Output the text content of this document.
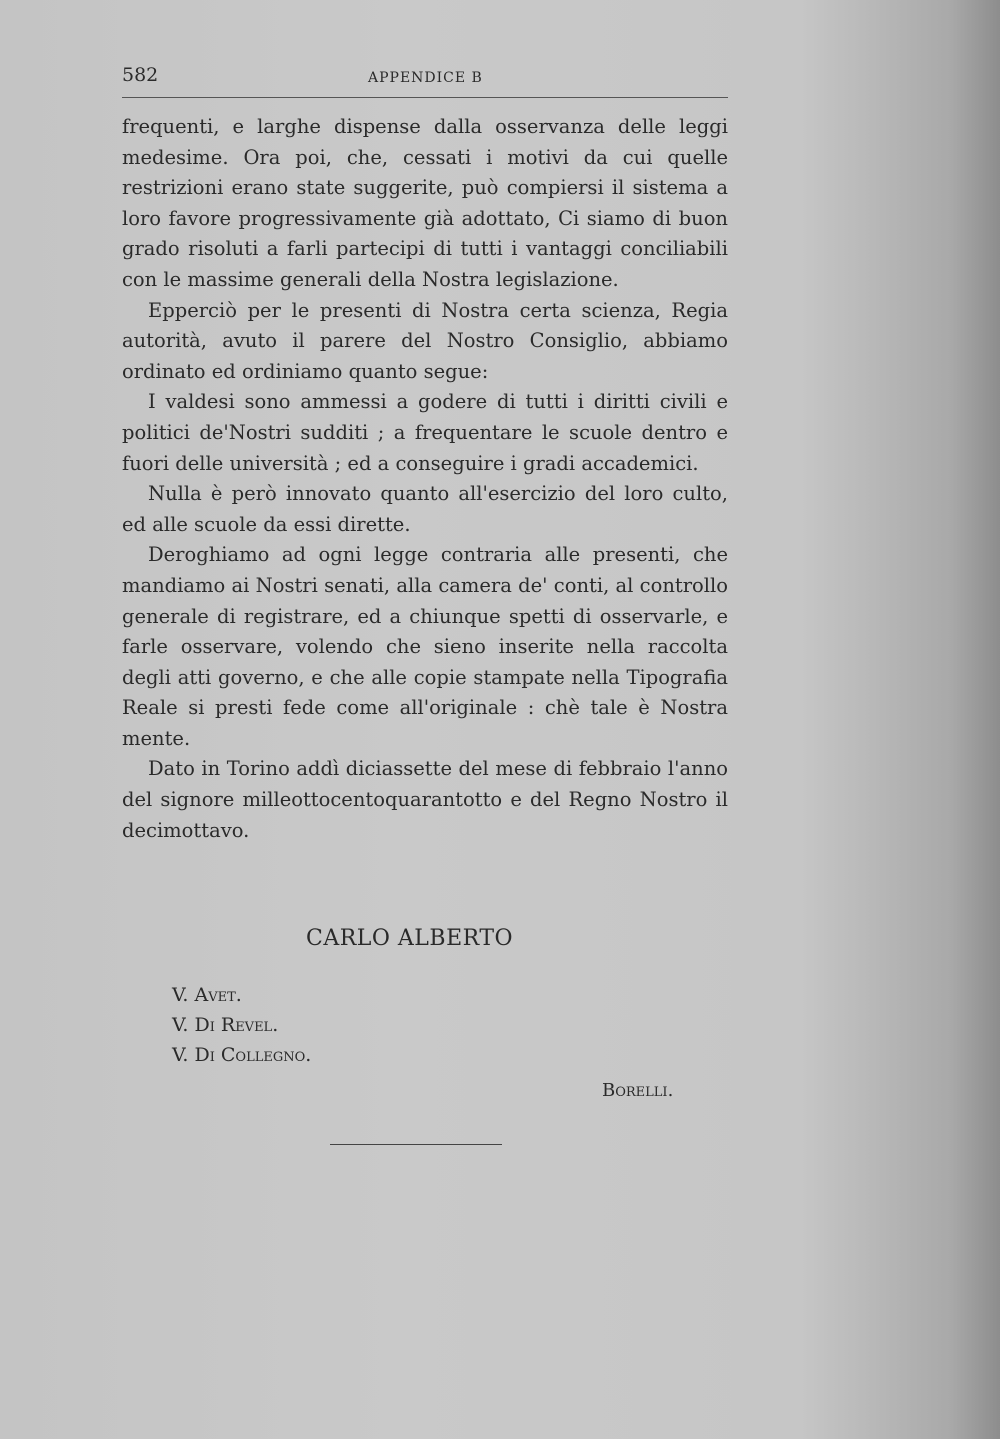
582	APPENDICE B

frequenti, e larghe dispense dalla osservanza delle leggi medesime. Ora poi, che, cessati i motivi da cui quelle restrizioni erano state suggerite, può compiersi il sistema a loro favore progressivamente già adottato, Ci siamo di buon grado risoluti a farli partecipi di tutti i vantaggi conciliabili con le massime generali della Nostra legislazione.

Epperciò per le presenti di Nostra certa scienza, Regia autorità, avuto il parere del Nostro Consiglio, abbiamo ordinato ed ordiniamo quanto segue:

I valdesi sono ammessi a godere di tutti i diritti civili e politici de'Nostri sudditi ; a frequentare le scuole dentro e fuori delle università ; ed a conseguire i gradi accademici.

Nulla è però innovato quanto all'esercizio del loro culto, ed alle scuole da essi dirette.

Deroghiamo ad ogni legge contraria alle presenti, che mandiamo ai Nostri senati, alla camera de' conti, al controllo generale di registrare, ed a chiunque spetti di osservarle, e farle osservare, volendo che sieno inserite nella raccolta degli atti governo, e che alle copie stampate nella Tipografia Reale si presti fede come all'originale : chè tale è Nostra mente.

Dato in Torino addì diciassette del mese di febbraio l'anno del signore milleottocentoquarantotto e del Regno Nostro il decimottavo.

CARLO ALBERTO
V. Avet.
V. Di Revel.
V. Di Collegno.
Borelli.
